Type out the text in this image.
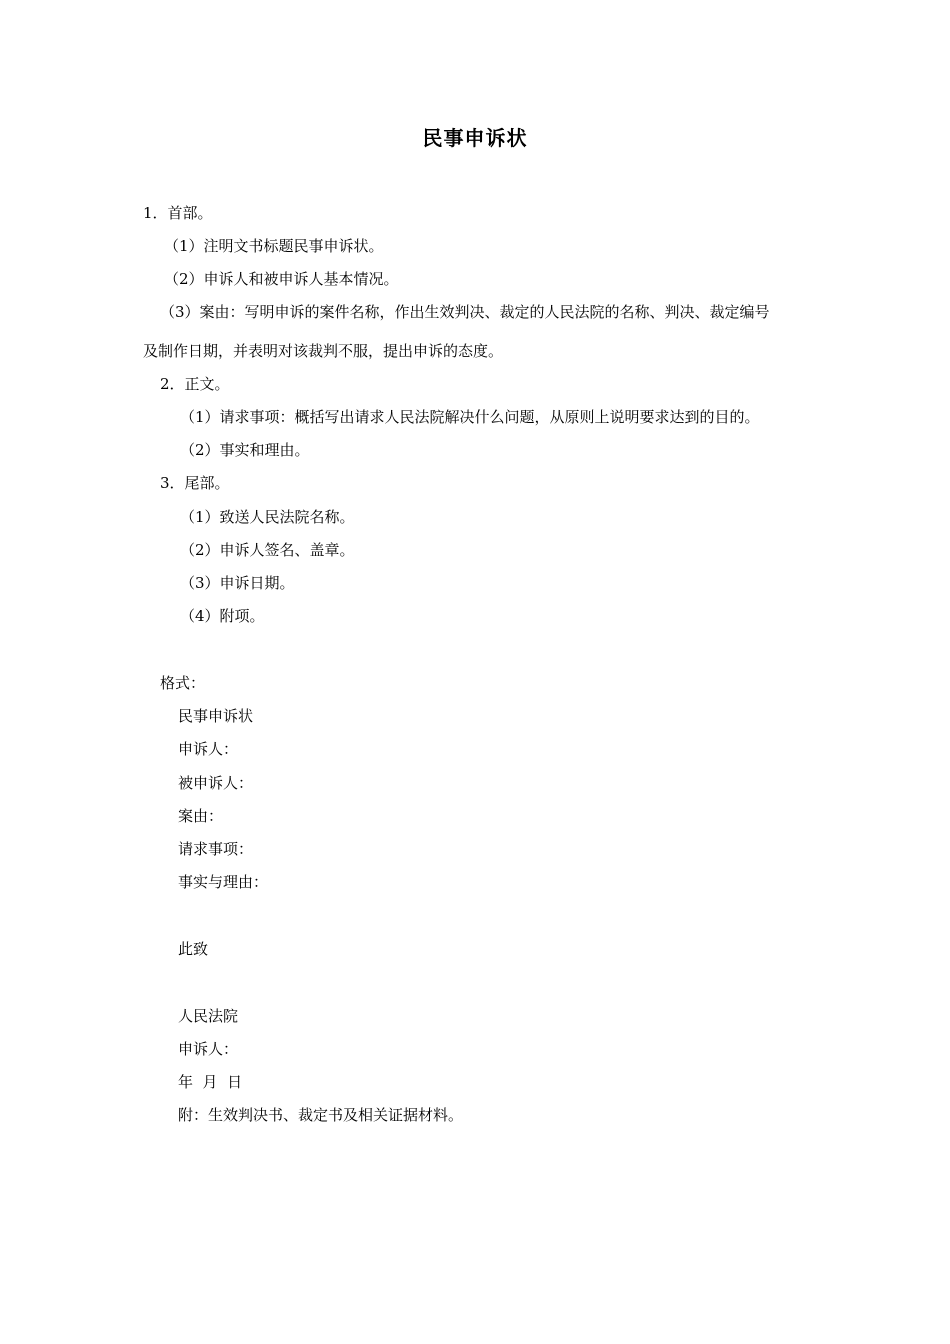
民事申诉状
1．首部。
（1）注明文书标题民事申诉状。
（2）申诉人和被申诉人基本情况。
（3）案由：写明申诉的案件名称，作出生效判决、裁定的人民法院的名称、判决、裁定编号
及制作日期，并表明对该裁判不服，提出申诉的态度。
2．正文。
（1）请求事项：概括写出请求人民法院解决什么问题，从原则上说明要求达到的目的。
（2）事实和理由。
3．尾部。
（1）致送人民法院名称。
（2）申诉人签名、盖章。
（3）申诉日期。
（4）附项。
格式：
民事申诉状
申诉人：
被申诉人：
案由：
请求事项：
事实与理由：
此致
人民法院
申诉人：
年  月  日
附：生效判决书、裁定书及相关证据材料。
